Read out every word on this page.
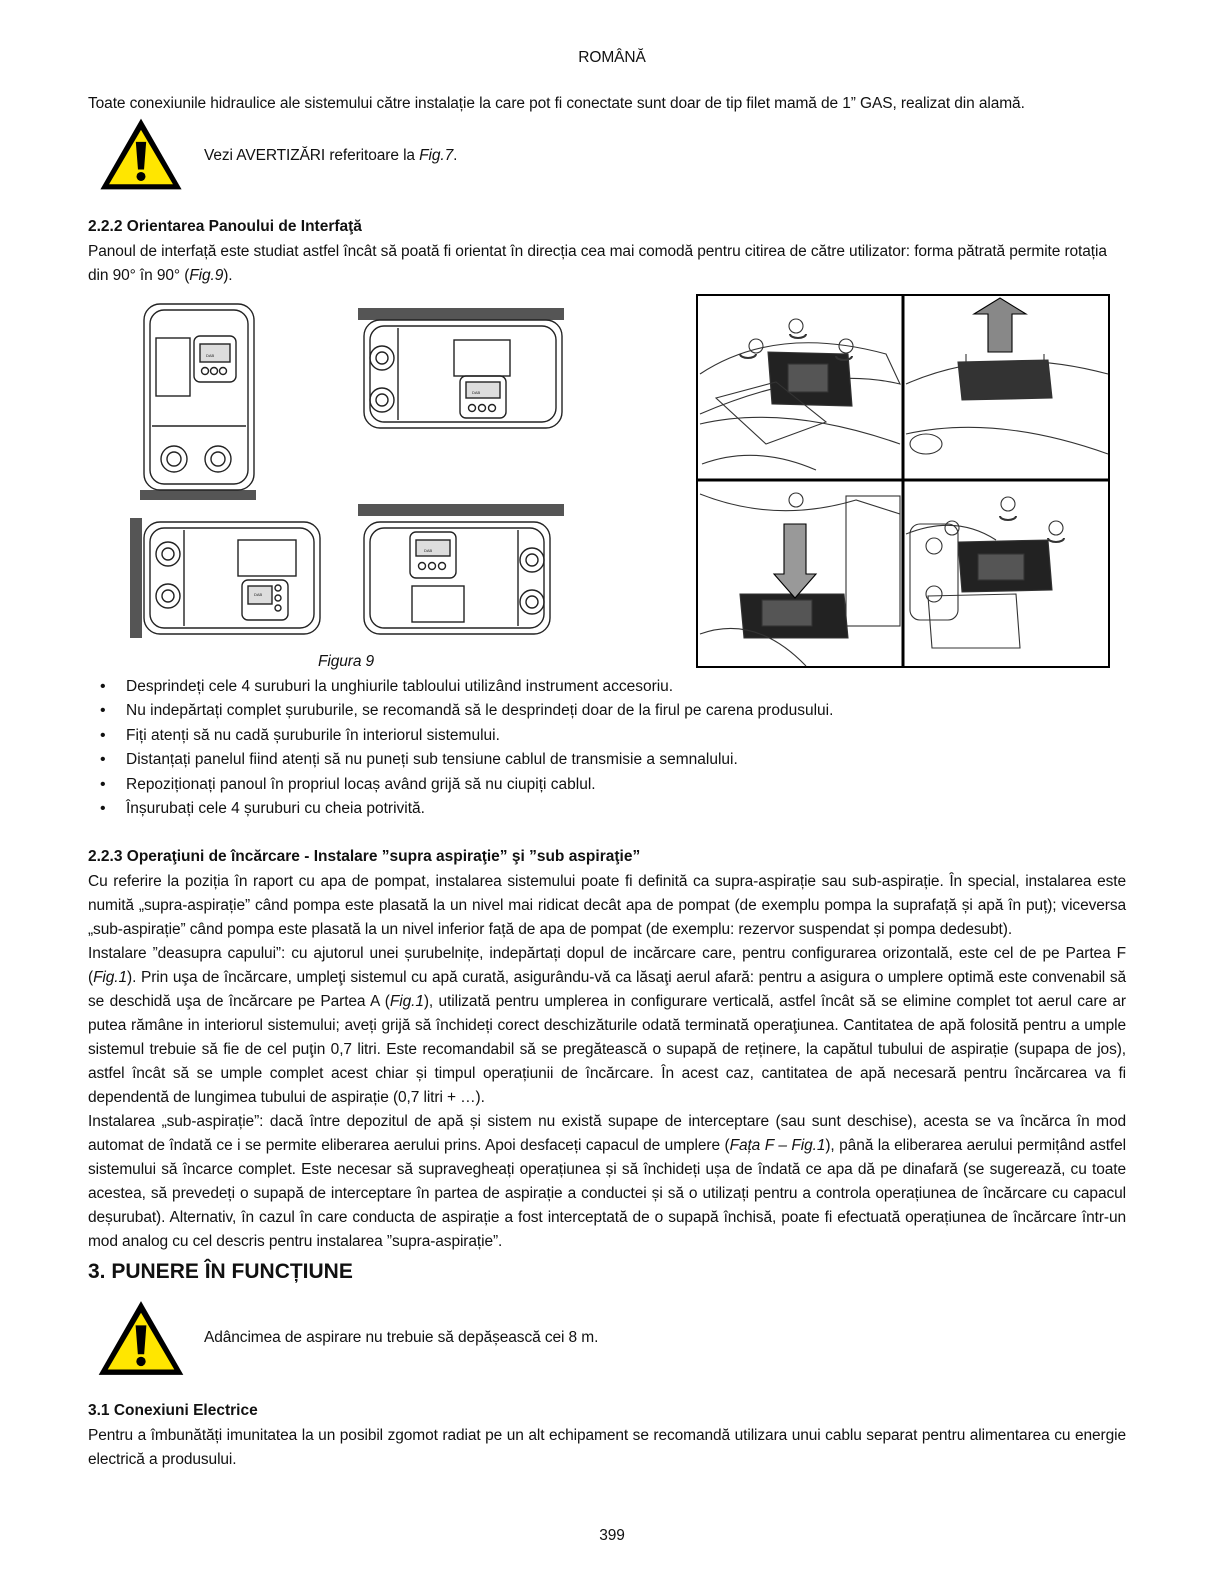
ROMÂNĂ
Toate conexiunile hidraulice ale sistemului către instalație la care pot fi conectate sunt doar de tip filet mamă de 1” GAS, realizat din alamă.
Vezi AVERTIZĂRI referitoare la Fig.7.
2.2.2 Orientarea Panoului de Interfaţă
Panoul de interfață este studiat astfel încât să poată fi orientat în direcția cea mai comodă pentru citirea de către utilizator: forma pătrată permite rotația din 90° în 90° (Fig.9).
DAB
DAB
DAB
DAB
Figura 9
• Desprindeți cele 4 suruburi la unghiurile tabloului utilizând instrument accesoriu.
• Nu indepărtați complet șuruburile, se recomandă să le desprindeți doar de la firul pe carena produsului.
• Fiți atenți să nu cadă șuruburile în interiorul sistemului.
• Distanțați panelul fiind atenți să nu puneți sub tensiune cablul de transmisie a semnalului.
• Repoziționați panoul în propriul locaș având grijă să nu ciupiți cablul.
• Înșurubați cele 4 șuruburi cu cheia potrivită.
2.2.3 Operaţiuni de încărcare - Instalare ”supra aspiraţie” şi ”sub aspiraţie”
Cu referire la poziția în raport cu apa de pompat, instalarea sistemului poate fi definită ca supra-aspirație sau sub-aspirație. În special, instalarea este numită „supra-aspirație” când pompa este plasată la un nivel mai ridicat decât apa de pompat (de exemplu pompa la suprafață și apă în puț); viceversa „sub-aspirație” când pompa este plasată la un nivel inferior față de apa de pompat (de exemplu: rezervor suspendat și pompa dedesubt).
Instalare ”deasupra capului”: cu ajutorul unei șurubelnițe, indepărtați dopul de incărcare care, pentru configurarea orizontală, este cel de pe Partea F (Fig.1). Prin uşa de încărcare, umpleţi sistemul cu apă curată, asigurându-vă ca lăsaţi aerul afară: pentru a asigura o umplere optimă este convenabil să se deschidă uşa de încărcare pe Partea A (Fig.1), utilizată pentru umplerea in configurare verticală, astfel încât să se elimine complet tot aerul care ar putea rămâne in interiorul sistemului; aveți grijă să închideți corect deschizăturile odată terminată operaţiunea. Cantitatea de apă folosită pentru a umple sistemul trebuie să fie de cel puţin 0,7 litri. Este recomandabil să se pregătească o supapă de reținere, la capătul tubului de aspirație (supapa de jos), astfel încât să se umple complet acest chiar și timpul operațiunii de încărcare. În acest caz, cantitatea de apă necesară pentru încărcarea va fi dependentă de lungimea tubului de aspirație (0,7 litri + …).
Instalarea „sub-aspirație”: dacă între depozitul de apă și sistem nu există supape de interceptare (sau sunt deschise), acesta se va încărca în mod automat de îndată ce i se permite eliberarea aerului prins. Apoi desfaceți capacul de umplere (Fața F – Fig.1), până la eliberarea aerului permițând astfel sistemului să încarce complet. Este necesar să supravegheați operațiunea și să închideți ușa de îndată ce apa dă pe dinafară (se sugerează, cu toate acestea, să prevedeți o supapă de interceptare în partea de aspirație a conductei și să o utilizați pentru a controla operațiunea de încărcare cu capacul deșurubat). Alternativ, în cazul în care conducta de aspirație a fost interceptată de o supapă închisă, poate fi efectuată operațiunea de încărcare într-un mod analog cu cel descris pentru instalarea ”supra-aspirație”.
3. PUNERE ÎN FUNCȚIUNE
Adâncimea de aspirare nu trebuie să depășească cei 8 m.
3.1 Conexiuni Electrice
Pentru a îmbunătăți imunitatea la un posibil zgomot radiat pe un alt echipament se recomandă utilizara unui cablu separat pentru alimentarea cu energie electrică a produsului.
399
